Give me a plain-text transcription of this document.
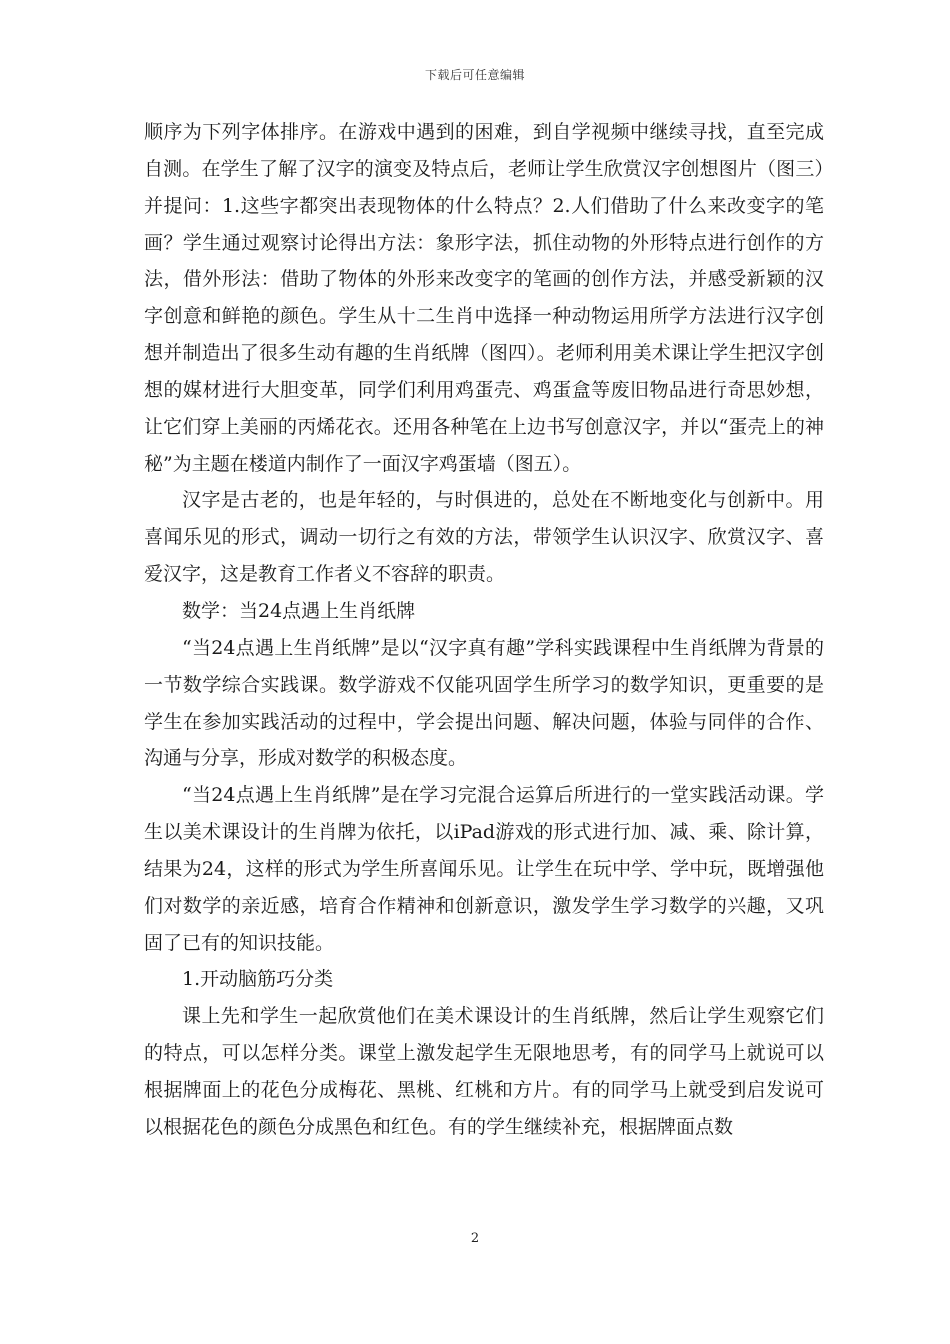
下载后可任意编辑

顺序为下列字体排序。在游戏中遇到的困难，到自学视频中继续寻找，直至完成自测。在学生了解了汉字的演变及特点后，老师让学生欣赏汉字创想图片（图三）并提问：1.这些字都突出表现物体的什么特点？2.人们借助了什么来改变字的笔画？学生通过观察讨论得出方法：象形字法，抓住动物的外形特点进行创作的方法，借外形法：借助了物体的外形来改变字的笔画的创作方法，并感受新颖的汉字创意和鲜艳的颜色。学生从十二生肖中选择一种动物运用所学方法进行汉字创想并制造出了很多生动有趣的生肖纸牌（图四）。老师利用美术课让学生把汉字创想的媒材进行大胆变革，同学们利用鸡蛋壳、鸡蛋盒等废旧物品进行奇思妙想，让它们穿上美丽的丙烯花衣。还用各种笔在上边书写创意汉字，并以“蛋壳上的神秘”为主题在楼道内制作了一面汉字鸡蛋墙（图五）。

汉字是古老的，也是年轻的，与时俱进的，总处在不断地变化与创新中。用喜闻乐见的形式，调动一切行之有效的方法，带领学生认识汉字、欣赏汉字、喜爱汉字，这是教育工作者义不容辞的职责。

数学：当24点遇上生肖纸牌

“当24点遇上生肖纸牌”是以“汉字真有趣”学科实践课程中生肖纸牌为背景的一节数学综合实践课。数学游戏不仅能巩固学生所学习的数学知识，更重要的是学生在参加实践活动的过程中，学会提出问题、解决问题，体验与同伴的合作、沟通与分享，形成对数学的积极态度。

“当24点遇上生肖纸牌”是在学习完混合运算后所进行的一堂实践活动课。学生以美术课设计的生肖牌为依托，以iPad游戏的形式进行加、减、乘、除计算，结果为24，这样的形式为学生所喜闻乐见。让学生在玩中学、学中玩，既增强他们对数学的亲近感，培育合作精神和创新意识，激发学生学习数学的兴趣，又巩固了已有的知识技能。

1.开动脑筋巧分类

课上先和学生一起欣赏他们在美术课设计的生肖纸牌，然后让学生观察它们的特点，可以怎样分类。课堂上激发起学生无限地思考，有的同学马上就说可以根据牌面上的花色分成梅花、黑桃、红桃和方片。有的同学马上就受到启发说可以根据花色的颜色分成黑色和红色。有的学生继续补充，根据牌面点数

2
